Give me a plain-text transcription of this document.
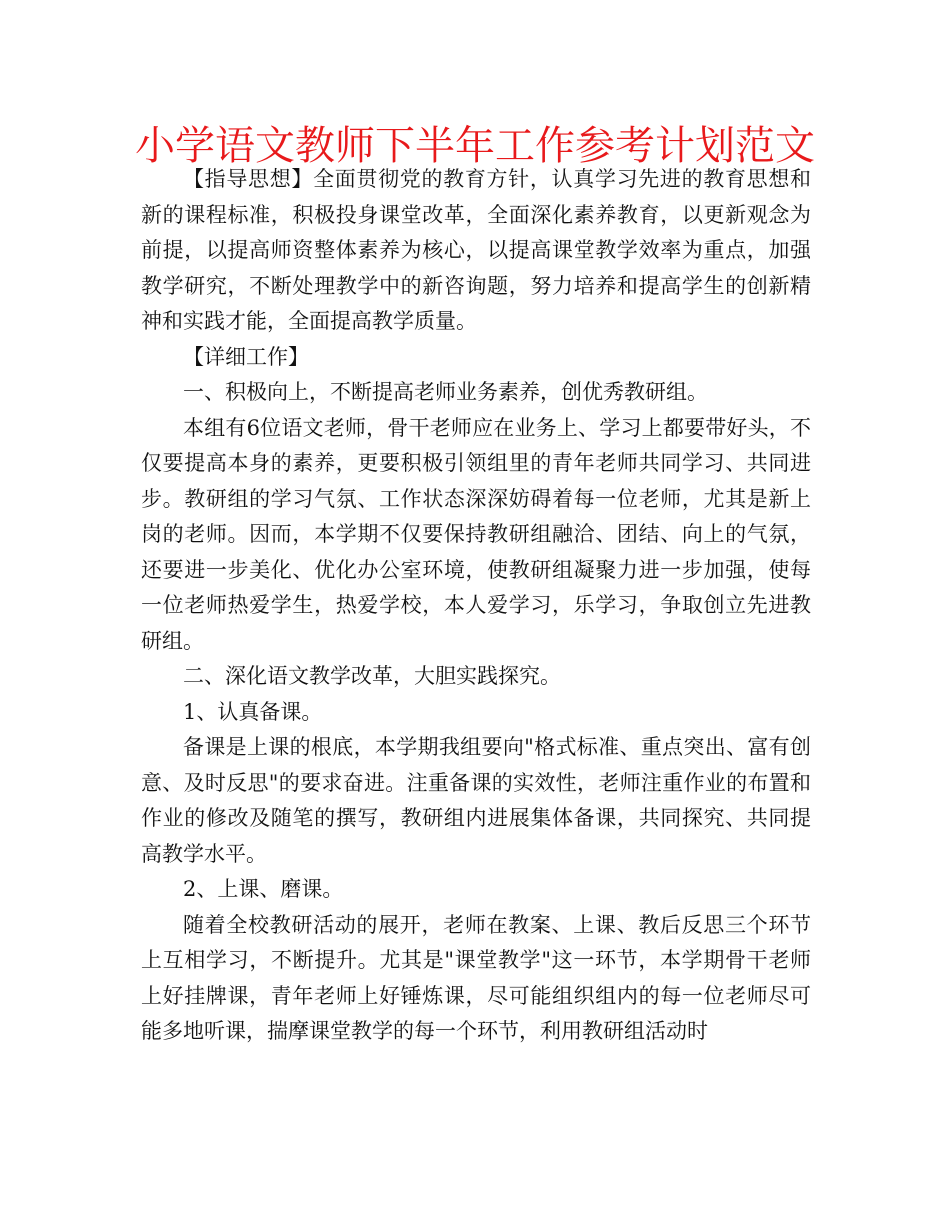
小学语文教师下半年工作参考计划范文

【指导思想】全面贯彻党的教育方针，认真学习先进的教育思想和新的课程标准，积极投身课堂改革，全面深化素养教育，以更新观念为前提，以提高师资整体素养为核心，以提高课堂教学效率为重点，加强教学研究，不断处理教学中的新咨询题，努力培养和提高学生的创新精神和实践才能，全面提高教学质量。

【详细工作】

一、积极向上，不断提高老师业务素养，创优秀教研组。

本组有6位语文老师，骨干老师应在业务上、学习上都要带好头，不仅要提高本身的素养，更要积极引领组里的青年老师共同学习、共同进步。教研组的学习气氛、工作状态深深妨碍着每一位老师，尤其是新上岗的老师。因而，本学期不仅要保持教研组融洽、团结、向上的气氛，还要进一步美化、优化办公室环境，使教研组凝聚力进一步加强，使每一位老师热爱学生，热爱学校，本人爱学习，乐学习，争取创立先进教研组。

二、深化语文教学改革，大胆实践探究。

1、认真备课。

备课是上课的根底，本学期我组要向"格式标准、重点突出、富有创意、及时反思"的要求奋进。注重备课的实效性，老师注重作业的布置和作业的修改及随笔的撰写，教研组内进展集体备课，共同探究、共同提高教学水平。

2、上课、磨课。

随着全校教研活动的展开，老师在教案、上课、教后反思三个环节上互相学习，不断提升。尤其是"课堂教学"这一环节，本学期骨干老师上好挂牌课，青年老师上好锤炼课，尽可能组织组内的每一位老师尽可能多地听课，揣摩课堂教学的每一个环节，利用教研组活动时
